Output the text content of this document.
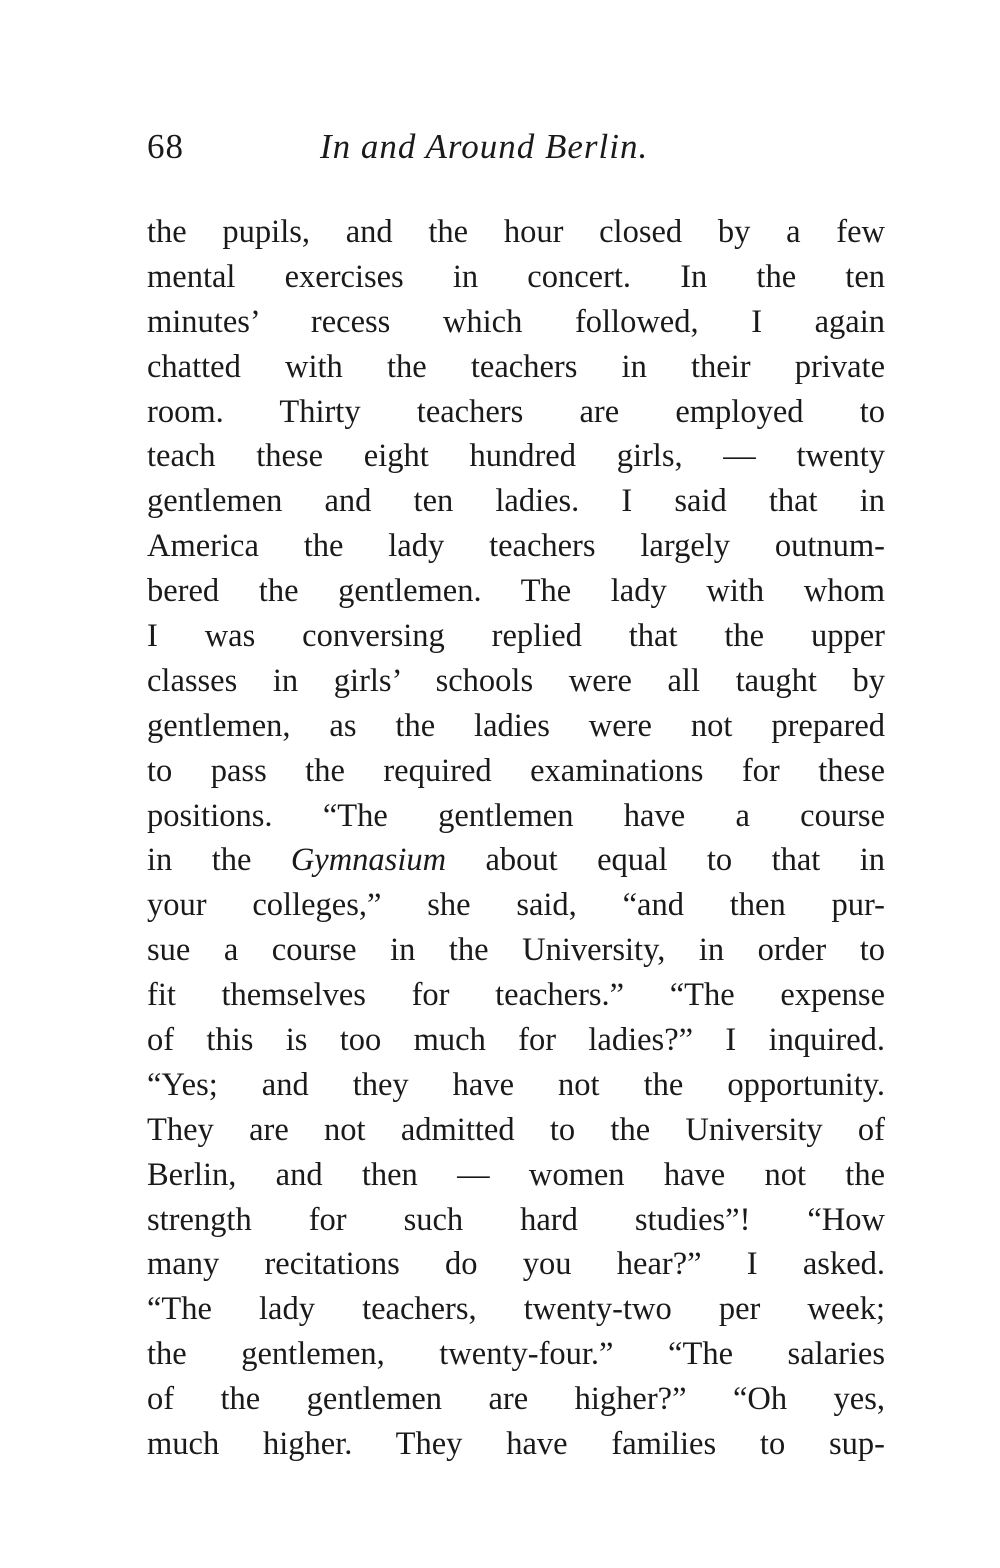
68	In and Around Berlin.
the pupils, and the hour closed by a few
mental exercises in concert. In the ten
minutes’ recess which followed, I again
chatted with the teachers in their private
room. Thirty teachers are employed to
teach these eight hundred girls, — twenty
gentlemen and ten ladies. I said that in
America the lady teachers largely outnum-
bered the gentlemen. The lady with whom
I was conversing replied that the upper
classes in girls’ schools were all taught by
gentlemen, as the ladies were not prepared
to pass the required examinations for these
positions. “The gentlemen have a course
in the Gymnasium about equal to that in
your colleges,” she said, “and then pur-
sue a course in the University, in order to
fit themselves for teachers.” “The expense
of this is too much for ladies?” I inquired.
“Yes; and they have not the opportunity.
They are not admitted to the University of
Berlin, and then — women have not the
strength for such hard studies”! “How
many recitations do you hear?” I asked.
“The lady teachers, twenty-two per week;
the gentlemen, twenty-four.” “The salaries
of the gentlemen are higher?” “Oh yes,
much higher. They have families to sup-
